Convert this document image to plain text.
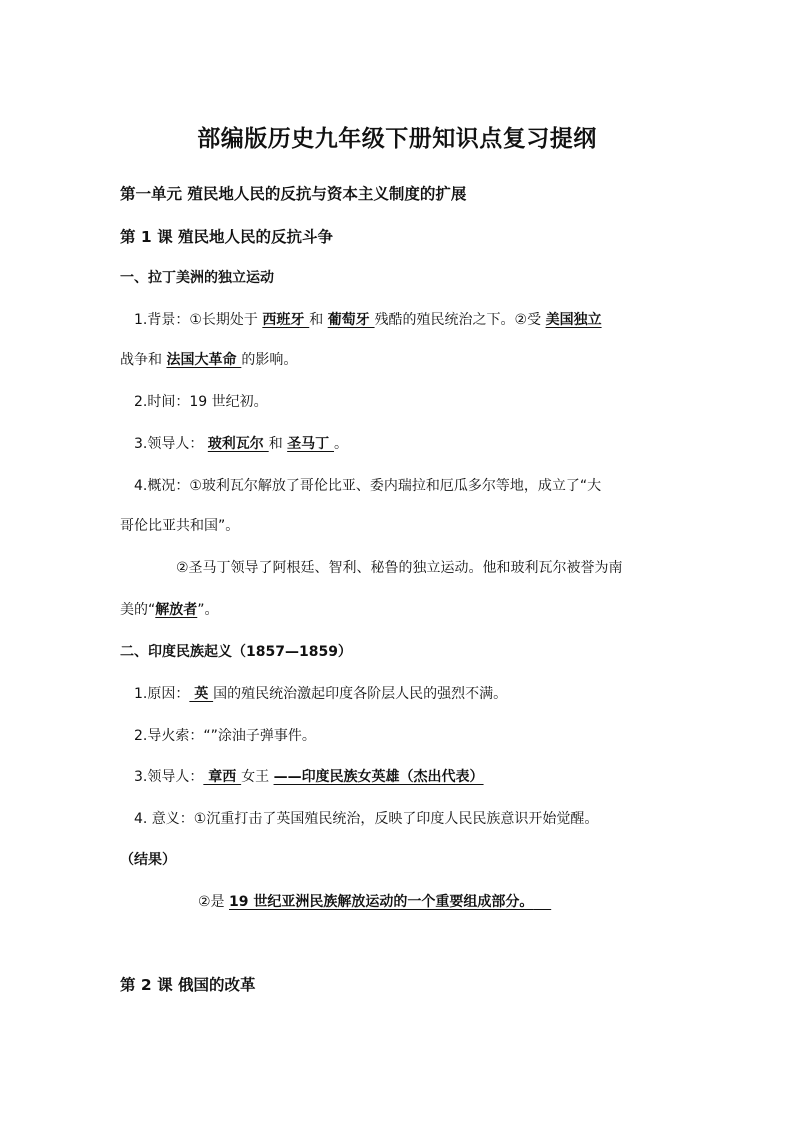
部编版历史九年级下册知识点复习提纲
第一单元 殖民地人民的反抗与资本主义制度的扩展
第 1 课 殖民地人民的反抗斗争
一、拉丁美洲的独立运动
1.背景：①长期处于 西班牙 和 葡萄牙 残酷的殖民统治之下。②受 美国独立
战争和 法国大革命 的影响。
2.时间：19 世纪初。
3.领导人： 玻利瓦尔 和 圣马丁 。
4.概况：①玻利瓦尔解放了哥伦比亚、委内瑞拉和厄瓜多尔等地，成立了“大
哥伦比亚共和国”。
②圣马丁领导了阿根廷、智利、秘鲁的独立运动。他和玻利瓦尔被誉为南
美的“解放者”。
二、印度民族起义（1857—1859）
1.原因： 英 国的殖民统治激起印度各阶层人民的强烈不满。
2.导火索：“”涂油子弹事件。
3.领导人： 章西 女王 ——印度民族女英雄（杰出代表）
4. 意义：①沉重打击了英国殖民统治，反映了印度人民民族意识开始觉醒。
（结果）
②是 19 世纪亚洲民族解放运动的一个重要组成部分。
第 2 课 俄国的改革
